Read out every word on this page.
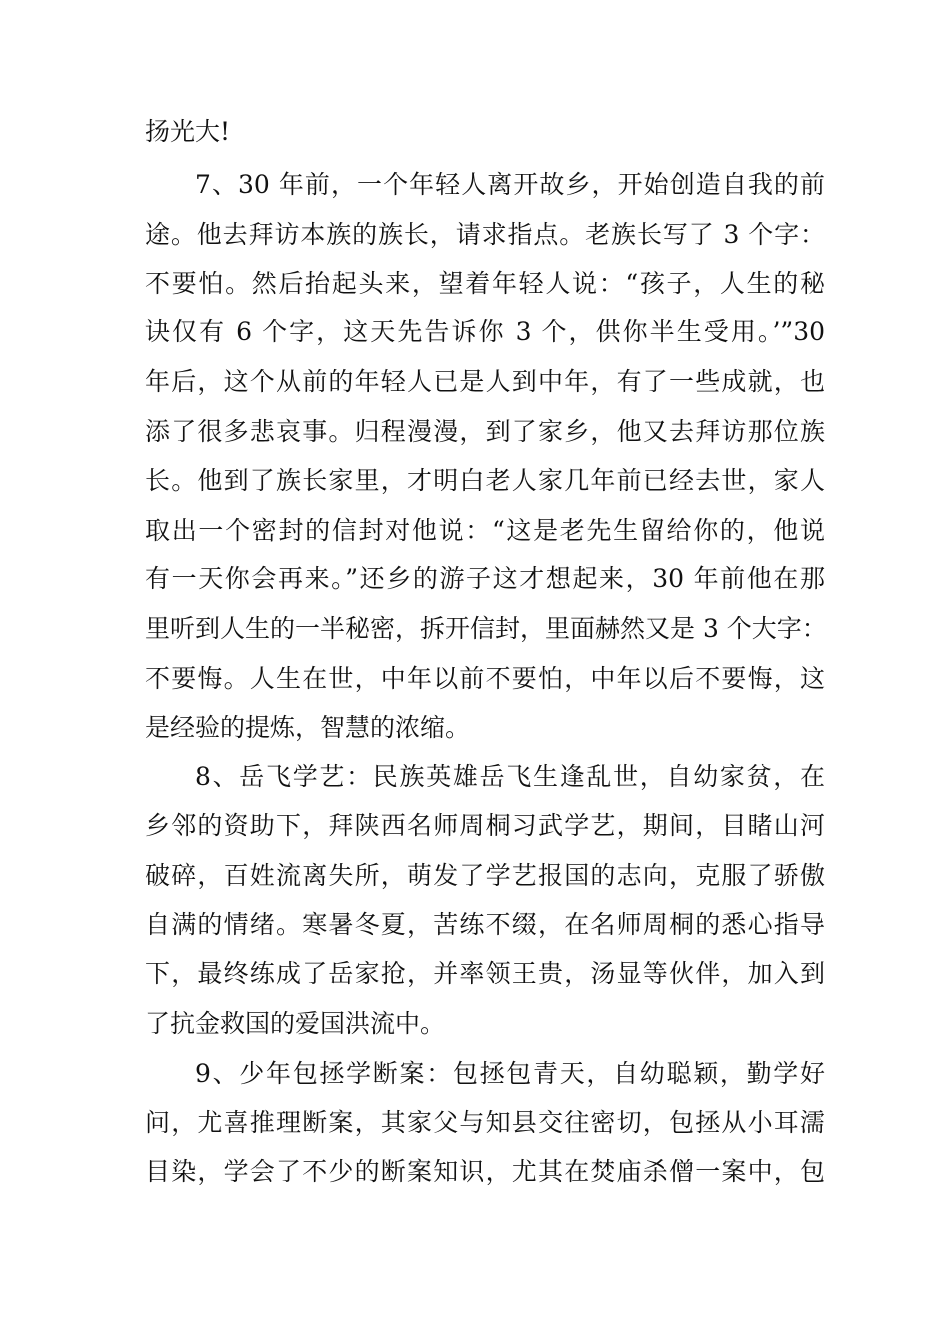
扬光大!
7、30 年前，一个年轻人离开故乡，开始创造自我的前
途。他去拜访本族的族长，请求指点。老族长写了 3 个字：
不要怕。然后抬起头来，望着年轻人说：“孩子，人生的秘
诀仅有 6 个字，这天先告诉你 3 个，供你半生受用。’”30
年后，这个从前的年轻人已是人到中年，有了一些成就，也
添了很多悲哀事。归程漫漫，到了家乡，他又去拜访那位族
长。他到了族长家里，才明白老人家几年前已经去世，家人
取出一个密封的信封对他说：“这是老先生留给你的，他说
有一天你会再来。”还乡的游子这才想起来，30 年前他在那
里听到人生的一半秘密，拆开信封，里面赫然又是 3 个大字：
不要悔。人生在世，中年以前不要怕，中年以后不要悔，这
是经验的提炼，智慧的浓缩。
8、岳飞学艺：民族英雄岳飞生逢乱世，自幼家贫，在
乡邻的资助下，拜陕西名师周桐习武学艺，期间，目睹山河
破碎，百姓流离失所，萌发了学艺报国的志向，克服了骄傲
自满的情绪。寒暑冬夏，苦练不缀，在名师周桐的悉心指导
下，最终练成了岳家抢，并率领王贵，汤显等伙伴，加入到
了抗金救国的爱国洪流中。
9、少年包拯学断案：包拯包青天，自幼聪颖，勤学好
问，尤喜推理断案，其家父与知县交往密切，包拯从小耳濡
目染，学会了不少的断案知识，尤其在焚庙杀僧一案中，包
